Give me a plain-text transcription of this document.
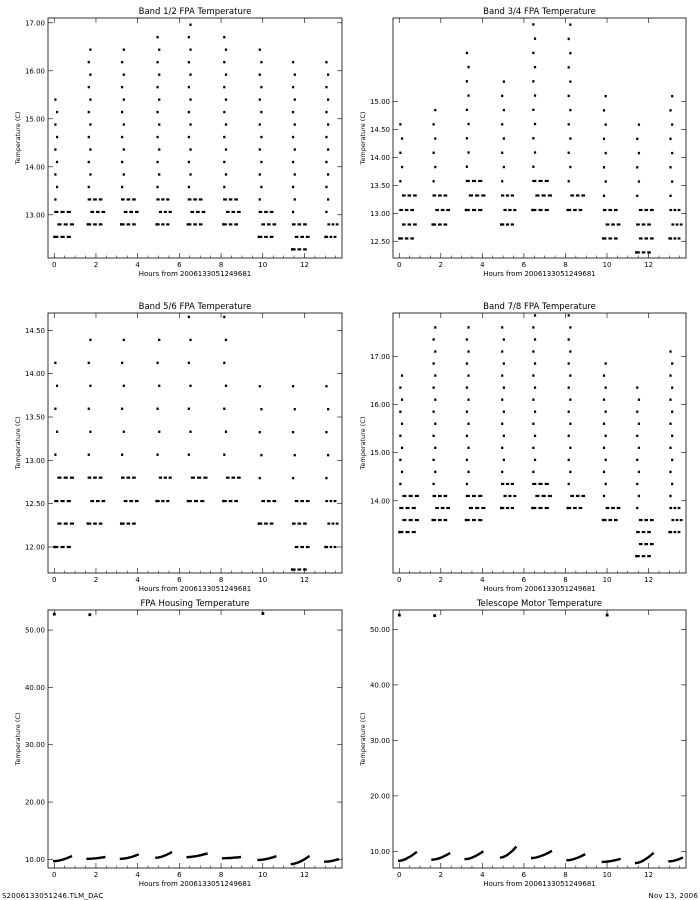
Band 1/2 FPA Temperature
0	2	4	6	8	10	12
13.00
14.00
15.00
16.00
17.00
Hours from 2006133051249681
Temperature (C)
Band 3/4 FPA Temperature
0	2	4	6	8	10	12
12.50
13.00
13.50
14.00
14.50
15.00
Hours from 2006133051249681
Temperature (C)
Band 5/6 FPA Temperature
0	2	4	6	8	10	12
12.00
12.50
13.00
13.50
14.00
14.50
Hours from 2006133051249681
Temperature (C)
Band 7/8 FPA Temperature
0	2	4	6	8	10	12
14.00
15.00
16.00
17.00
Hours from 2006133051249681
Temperature (C)
FPA Housing Temperature
0	2	4	6	8	10	12
10.00
20.00
30.00
40.00
50.00
Hours from 2006133051249681
Temperature (C)
Telescope Motor Temperature
0	2	4	6	8	10	12
10.00
20.00
30.00
40.00
50.00
Hours from 2006133051249681
Temperature (C)
S2006133051246.TLM_DAC	Nov 13, 2006
